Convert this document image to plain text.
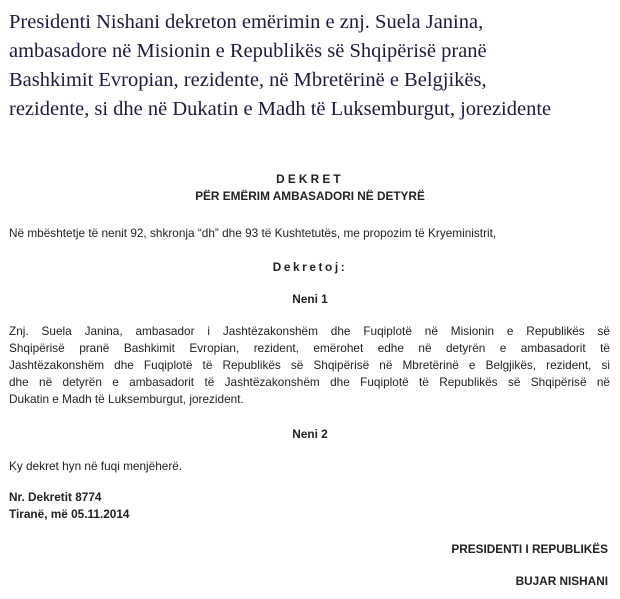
Presidenti Nishani dekreton emërimin e znj. Suela Janina,
ambasadore në Misionin e Republikës së Shqipërisë pranë
Bashkimit Evropian, rezidente, në Mbretërinë e Belgjikës,
rezidente, si dhe në Dukatin e Madh të Luksemburgut, jorezidente

DEKRET

PËR EMËRIM AMBASADORI NË DETYRË

Në mbështetje të nenit 92, shkronja “dh” dhe 93 të Kushtetutës, me propozim të Kryeministrit,

Dekretoj:

Neni 1

Znj. Suela Janina, ambasador i Jashtëzakonshëm dhe Fuqiplotë në Misionin e Republikës së
Shqipërisë pranë Bashkimit Evropian, rezident, emërohet edhe në detyrën e ambasadorit të
Jashtëzakonshëm dhe Fuqiplotë të Republikës së Shqipërisë në Mbretërinë e Belgjikës, rezident, si
dhe në detyrën e ambasadorit të Jashtëzakonshëm dhe Fuqiplotë të Republikës së Shqipërisë në
Dukatin e Madh të Luksemburgut, jorezident.

Neni 2

Ky dekret hyn në fuqi menjëherë.

Nr. Dekretit 8774

Tiranë, më 05.11.2014

PRESIDENTI I REPUBLIKËS

BUJAR NISHANI
